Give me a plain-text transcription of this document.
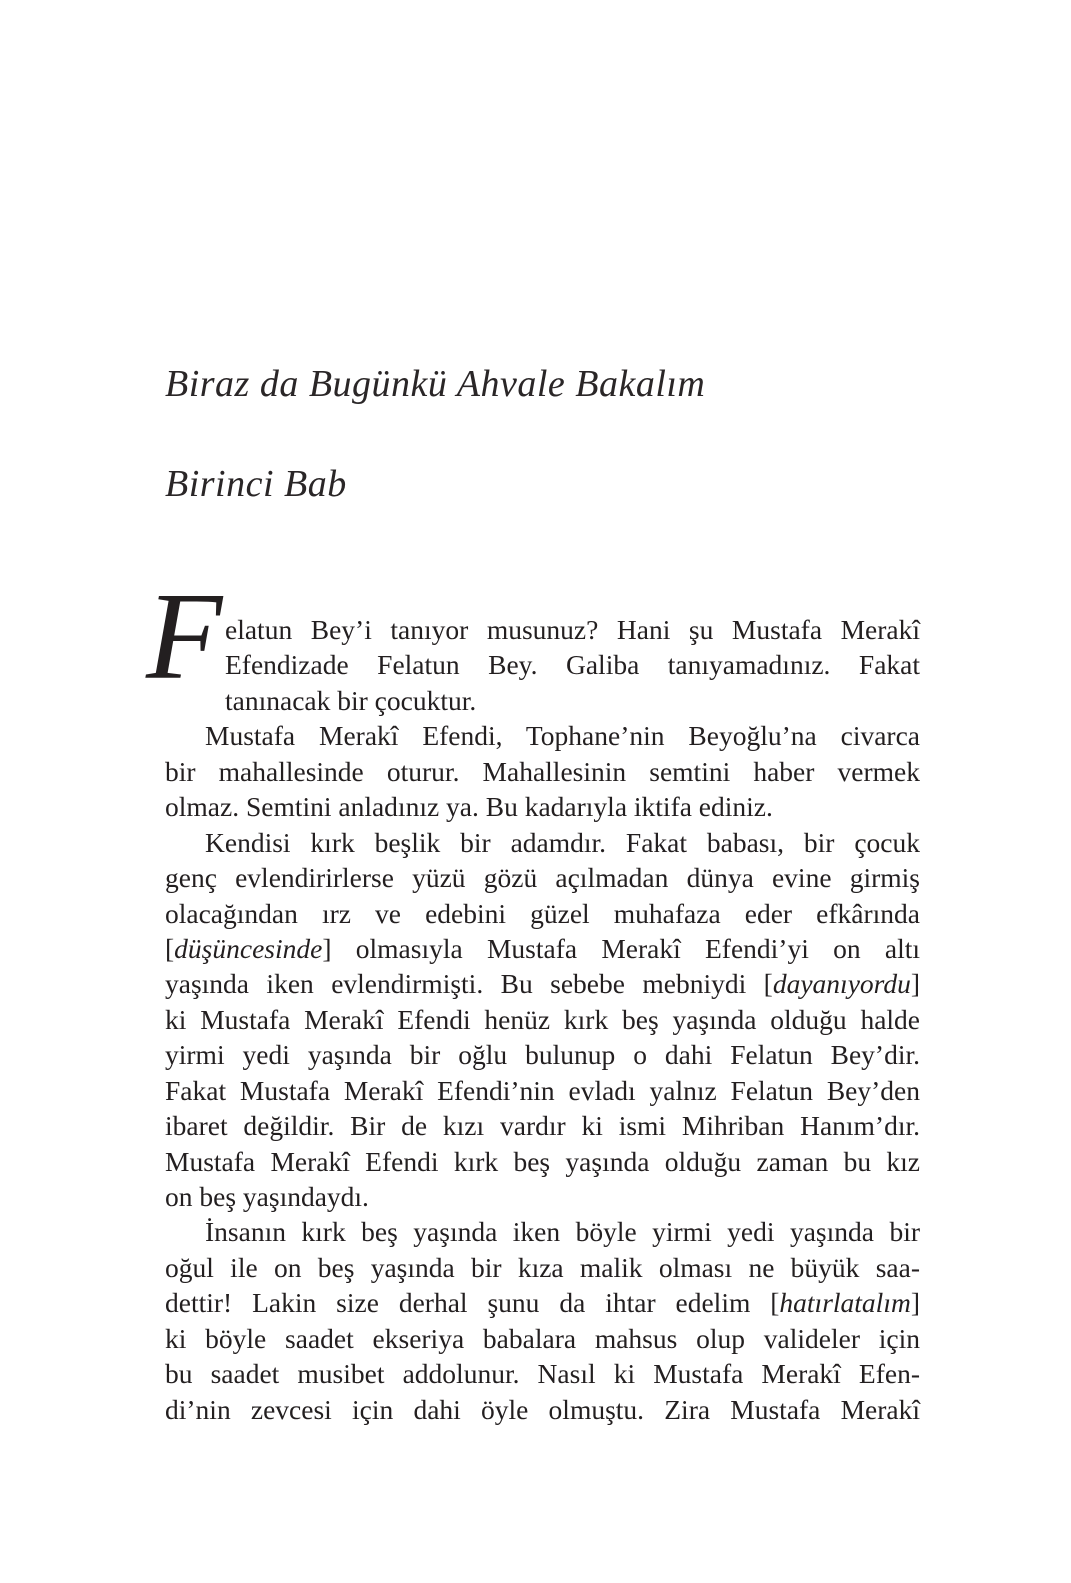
Biraz da Bugünkü Ahvale Bakalım
Birinci Bab
F elatun Bey’i tanıyor musunuz? Hani şu Mustafa Merakî
Efendizade Felatun Bey. Galiba tanıyamadınız. Fakat
tanınacak bir çocuktur.
Mustafa Merakî Efendi, Tophane’nin Beyoğlu’na civarca
bir mahallesinde oturur. Mahallesinin semtini haber vermek
olmaz. Semtini anladınız ya. Bu kadarıyla iktifa ediniz.
Kendisi kırk beşlik bir adamdır. Fakat babası, bir çocuk
genç evlendirirlerse yüzü gözü açılmadan dünya evine girmiş
olacağından ırz ve edebini güzel muhafaza eder efkârında
[düşüncesinde] olmasıyla Mustafa Merakî Efendi’yi on altı
yaşında iken evlendirmişti. Bu sebebe mebniydi [dayanıyordu]
ki Mustafa Merakî Efendi henüz kırk beş yaşında olduğu halde
yirmi yedi yaşında bir oğlu bulunup o dahi Felatun Bey’dir.
Fakat Mustafa Merakî Efendi’nin evladı yalnız Felatun Bey’den
ibaret değildir. Bir de kızı vardır ki ismi Mihriban Hanım’dır.
Mustafa Merakî Efendi kırk beş yaşında olduğu zaman bu kız
on beş yaşındaydı.
İnsanın kırk beş yaşında iken böyle yirmi yedi yaşında bir
oğul ile on beş yaşında bir kıza malik olması ne büyük saa-
dettir! Lakin size derhal şunu da ihtar edelim [hatırlatalım]
ki böyle saadet ekseriya babalara mahsus olup valideler için
bu saadet musibet addolunur. Nasıl ki Mustafa Merakî Efen-
di’nin zevcesi için dahi öyle olmuştu. Zira Mustafa Merakî
